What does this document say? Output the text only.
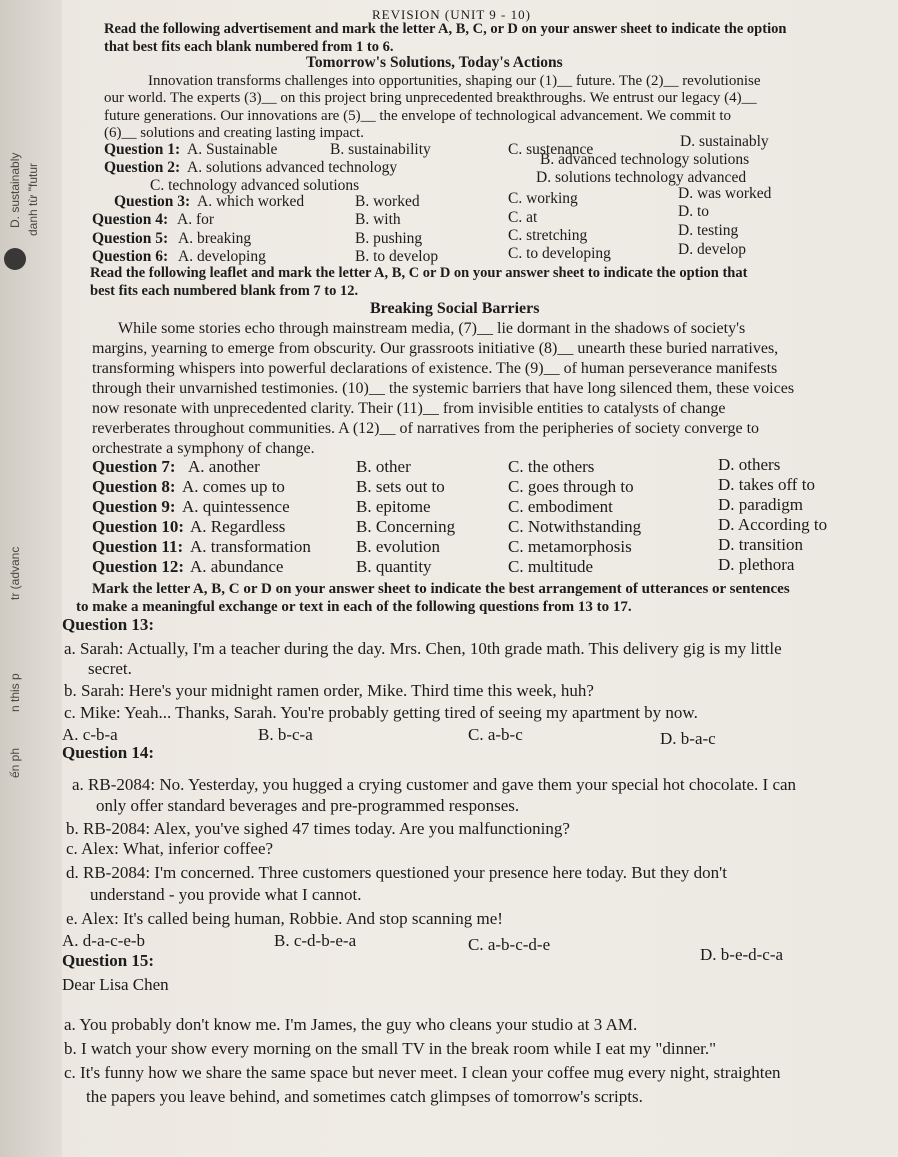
D. sustainably danh từ "futur
tr (advanc
n this p
ến ph
REVISION (UNIT 9 - 10)
Read the following advertisement and mark the letter A, B, C, or D on your answer sheet to indicate the option
that best fits each blank numbered from 1 to 6.
Tomorrow's Solutions, Today's Actions
Innovation transforms challenges into opportunities, shaping our (1)__ future. The (2)__ revolutionise
our world. The experts (3)__ on this project bring unprecedented breakthroughs. We entrust our legacy (4)__
future generations. Our innovations are (5)__ the envelope of technological advancement. We commit to
(6)__ solutions and creating lasting impact.
Question 1: A. Sustainable	B. sustainability	C. sustenance	D. sustainably
Question 2: A. solutions advanced technology	B. advanced technology solutions
C. technology advanced solutions	D. solutions technology advanced
Question 3: A. which worked	B. worked	C. working	D. was worked
Question 4: A. for	B. with	C. at	D. to
Question 5: A. breaking	B. pushing	C. stretching	D. testing
Question 6: A. developing	B. to develop	C. to developing	D. develop
Read the following leaflet and mark the letter A, B, C or D on your answer sheet to indicate the option that
best fits each numbered blank from 7 to 12.
Breaking Social Barriers
While some stories echo through mainstream media, (7)__ lie dormant in the shadows of society's
margins, yearning to emerge from obscurity. Our grassroots initiative (8)__ unearth these buried narratives,
transforming whispers into powerful declarations of existence. The (9)__ of human perseverance manifests
through their unvarnished testimonies. (10)__ the systemic barriers that have long silenced them, these voices
now resonate with unprecedented clarity. Their (11)__ from invisible entities to catalysts of change
reverberates throughout communities. A (12)__ of narratives from the peripheries of society converge to
orchestrate a symphony of change.
Question 7: A. another	B. other	C. the others	D. others
Question 8: A. comes up to	B. sets out to	C. goes through to	D. takes off to
Question 9: A. quintessence	B. epitome	C. embodiment	D. paradigm
Question 10: A. Regardless	B. Concerning	C. Notwithstanding	D. According to
Question 11: A. transformation	B. evolution	C. metamorphosis	D. transition
Question 12: A. abundance	B. quantity	C. multitude	D. plethora
Mark the letter A, B, C or D on your answer sheet to indicate the best arrangement of utterances or sentences
to make a meaningful exchange or text in each of the following questions from 13 to 17.
Question 13:
a. Sarah: Actually, I'm a teacher during the day. Mrs. Chen, 10th grade math. This delivery gig is my little
secret.
b. Sarah: Here's your midnight ramen order, Mike. Third time this week, huh?
c. Mike: Yeah... Thanks, Sarah. You're probably getting tired of seeing my apartment by now.
A. c-b-a	B. b-c-a	C. a-b-c	D. b-a-c
Question 14:
a. RB-2084: No. Yesterday, you hugged a crying customer and gave them your special hot chocolate. I can
only offer standard beverages and pre-programmed responses.
b. RB-2084: Alex, you've sighed 47 times today. Are you malfunctioning?
c. Alex: What, inferior coffee?
d. RB-2084: I'm concerned. Three customers questioned your presence here today. But they don't
understand - you provide what I cannot.
e. Alex: It's called being human, Robbie. And stop scanning me!
A. d-a-c-e-b	B. c-d-b-e-a	C. a-b-c-d-e
D. b-e-d-c-a
Question 15:
Dear Lisa Chen
a. You probably don't know me. I'm James, the guy who cleans your studio at 3 AM.
b. I watch your show every morning on the small TV in the break room while I eat my "dinner."
c. It's funny how we share the same space but never meet. I clean your coffee mug every night, straighten
the papers you leave behind, and sometimes catch glimpses of tomorrow's scripts.
